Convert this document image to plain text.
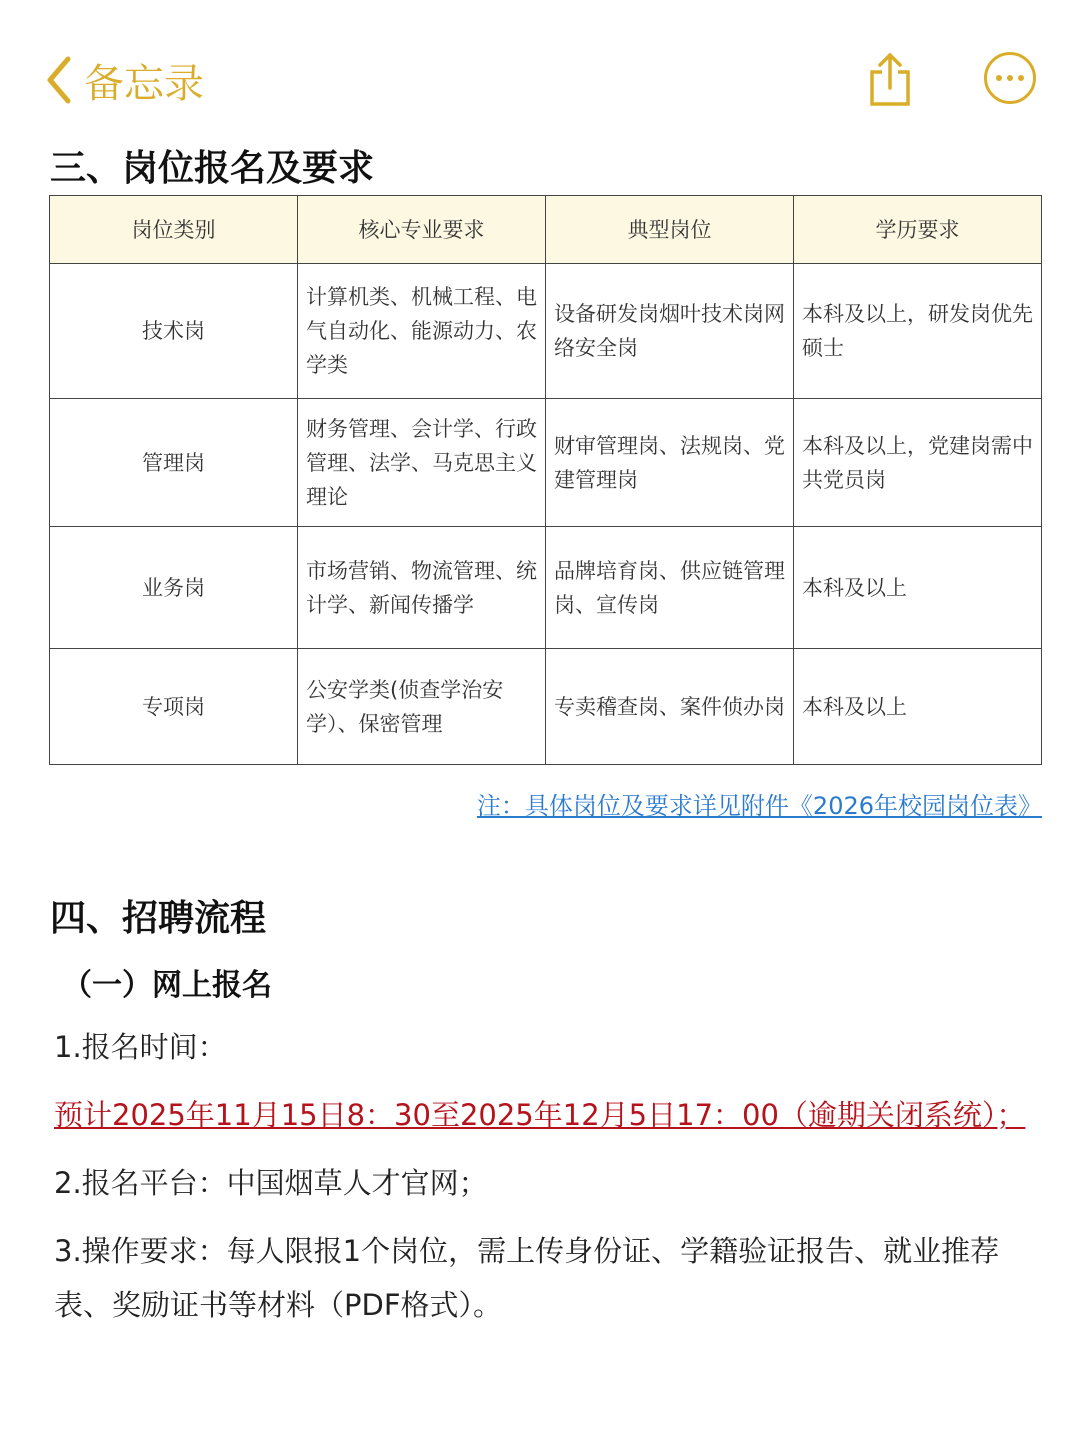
备忘录
三、岗位报名及要求
岗位类别	核心专业要求	典型岗位	学历要求
技术岗	计算机类、机械工程、电气自动化、能源动力、农学类	设备研发岗烟叶技术岗网络安全岗	本科及以上，研发岗优先硕士
管理岗	财务管理、会计学、行政管理、法学、马克思主义理论	财审管理岗、法规岗、党建管理岗	本科及以上，党建岗需中共党员岗
业务岗	市场营销、物流管理、统计学、新闻传播学	品牌培育岗、供应链管理岗、宣传岗	本科及以上
专项岗	公安学类(侦查学治安学）、保密管理	专卖稽查岗、案件侦办岗	本科及以上
注：具体岗位及要求详见附件《2026年校园岗位表》
四、招聘流程
（一）网上报名
1.报名时间：
预计2025年11月15日8：30至2025年12月5日17：00（逾期关闭系统）；
2.报名平台：中国烟草人才官网；
3.操作要求：每人限报1个岗位，需上传身份证、学籍验证报告、就业推荐表、奖励证书等材料（PDF格式）。
